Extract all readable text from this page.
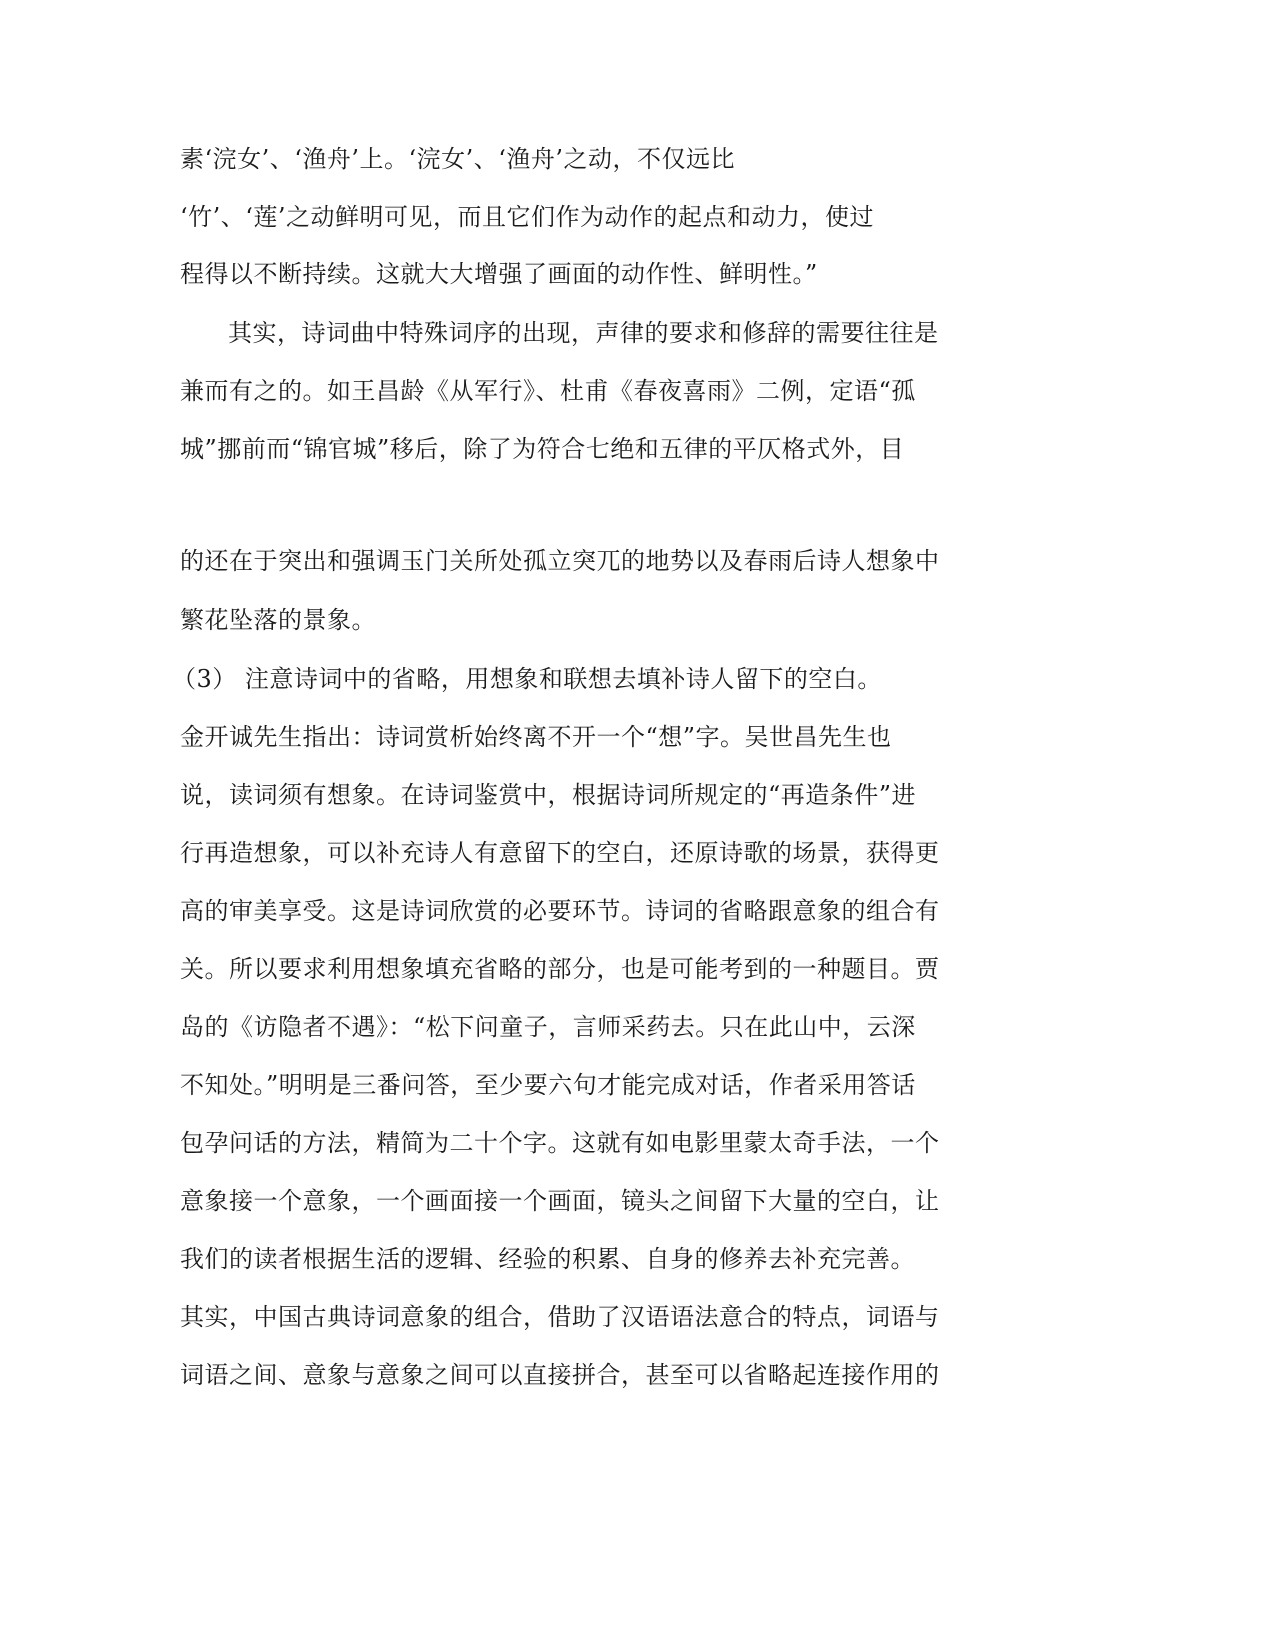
素‘浣女’、‘渔舟’上。‘浣女’、‘渔舟’之动，不仅远比

‘竹’、‘莲’之动鲜明可见，而且它们作为动作的起点和动力，使过

程得以不断持续。这就大大增强了画面的动作性、鲜明性。”

其实，诗词曲中特殊词序的出现，声律的要求和修辞的需要往往是

兼而有之的。如王昌龄《从军行》、杜甫《春夜喜雨》二例，定语“孤

城”挪前而“锦官城”移后，除了为符合七绝和五律的平仄格式外，目

的还在于突出和强调玉门关所处孤立突兀的地势以及春雨后诗人想象中

繁花坠落的景象。

（3） 注意诗词中的省略，用想象和联想去填补诗人留下的空白。

金开诚先生指出：诗词赏析始终离不开一个“想”字。吴世昌先生也

说，读词须有想象。在诗词鉴赏中，根据诗词所规定的“再造条件”进

行再造想象，可以补充诗人有意留下的空白，还原诗歌的场景，获得更

高的审美享受。这是诗词欣赏的必要环节。诗词的省略跟意象的组合有

关。所以要求利用想象填充省略的部分，也是可能考到的一种题目。贾

岛的《访隐者不遇》：“松下问童子，言师采药去。只在此山中，云深

不知处。”明明是三番问答，至少要六句才能完成对话，作者采用答话

包孕问话的方法，精简为二十个字。这就有如电影里蒙太奇手法，一个

意象接一个意象，一个画面接一个画面，镜头之间留下大量的空白，让

我们的读者根据生活的逻辑、经验的积累、自身的修养去补充完善。

其实，中国古典诗词意象的组合，借助了汉语语法意合的特点，词语与

词语之间、意象与意象之间可以直接拼合，甚至可以省略起连接作用的
